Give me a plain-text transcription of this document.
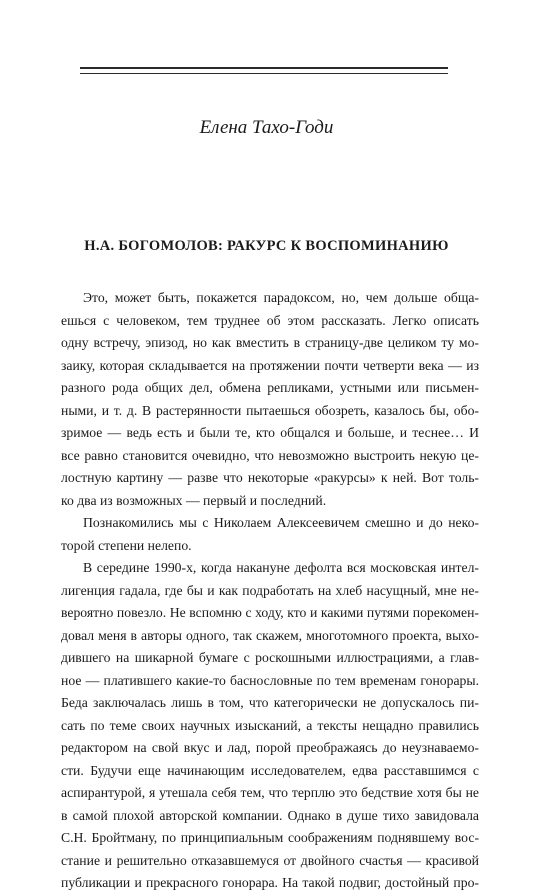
Елена Тахо-Годи
Н.А. БОГОМОЛОВ: РАКУРС К ВОСПОМИНАНИЮ
Это, может быть, покажется парадоксом, но, чем дольше обща-
ешься с человеком, тем труднее об этом рассказать. Легко описать
одну встречу, эпизод, но как вместить в страницу-две целиком ту мо-
заику, которая складывается на протяжении почти четверти века — из
разного рода общих дел, обмена репликами, устными или письмен-
ными, и т. д. В растерянности пытаешься обозреть, казалось бы, обо-
зримое — ведь есть и были те, кто общался и больше, и теснее… И
все равно становится очевидно, что невозможно выстроить некую це-
лостную картину — разве что некоторые «ракурсы» к ней. Вот толь-
ко два из возможных — первый и последний.
Познакомились мы с Николаем Алексеевичем смешно и до неко-
торой степени нелепо.
В середине 1990-х, когда накануне дефолта вся московская интел-
лигенция гадала, где бы и как подработать на хлеб насущный, мне не-
вероятно повезло. Не вспомню с ходу, кто и какими путями порекомен-
довал меня в авторы одного, так скажем, многотомного проекта, выхо-
дившего на шикарной бумаге с роскошными иллюстрациями, а глав-
ное — платившего какие-то баснословные по тем временам гонорары.
Беда заключалась лишь в том, что категорически не допускалось пи-
сать по теме своих научных изысканий, а тексты нещадно правились
редактором на свой вкус и лад, порой преображаясь до неузнаваемо-
сти. Будучи еще начинающим исследователем, едва расставшимся с
аспирантурой, я утешала себя тем, что терплю это бедствие хотя бы не
в самой плохой авторской компании. Однако в душе тихо завидовала
С.Н. Бройтману, по принципиальным соображениям поднявшему вос-
стание и решительно отказавшемуся от двойного счастья — красивой
публикации и прекрасного гонорара. На такой подвиг, достойный про-
